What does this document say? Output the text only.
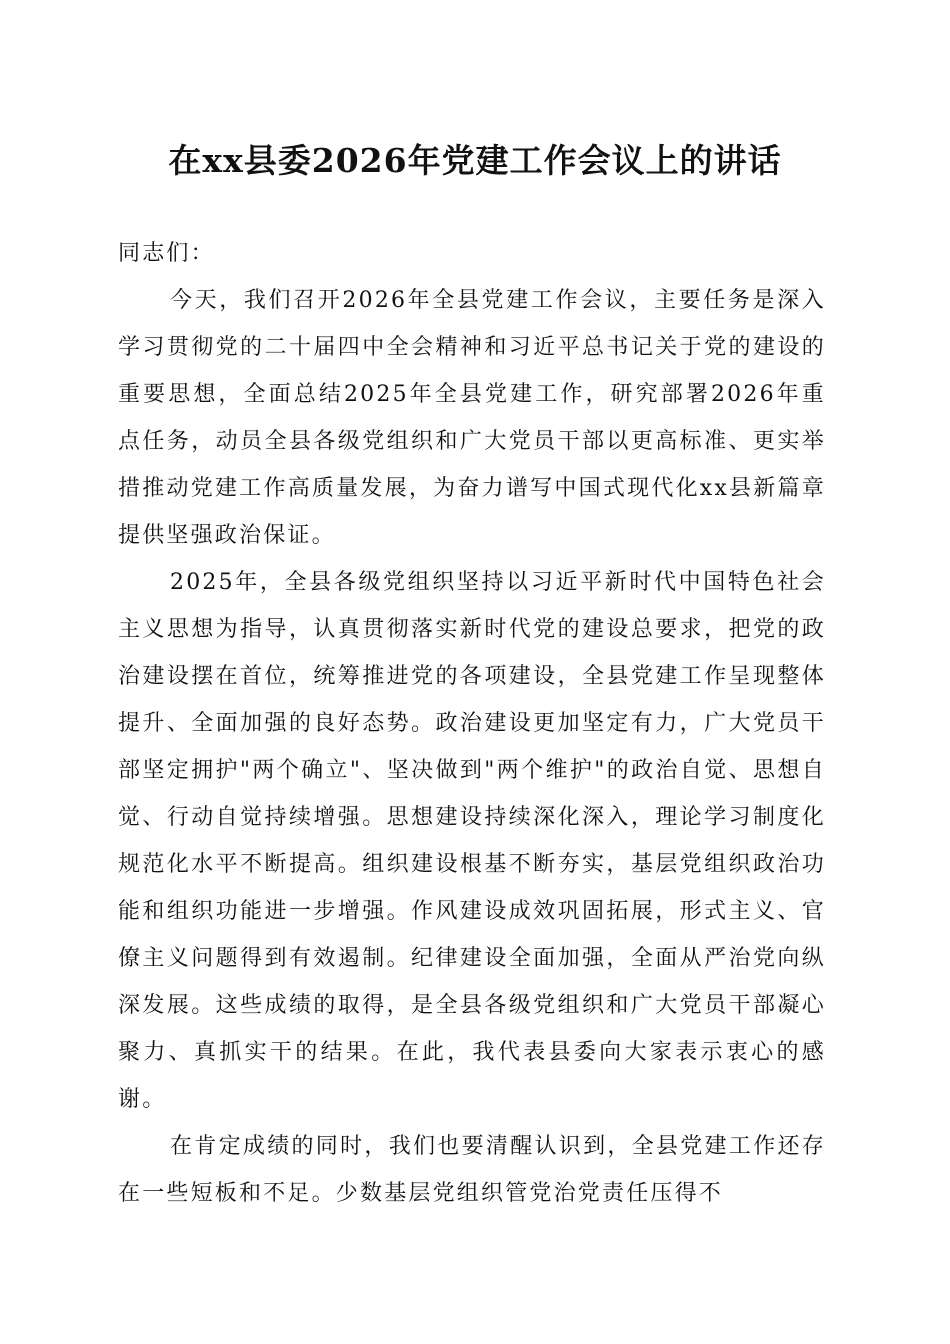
在xx县委2026年党建工作会议上的讲话

同志们：

今天，我们召开2026年全县党建工作会议，主要任务是深入学习贯彻党的二十届四中全会精神和习近平总书记关于党的建设的重要思想，全面总结2025年全县党建工作，研究部署2026年重点任务，动员全县各级党组织和广大党员干部以更高标准、更实举措推动党建工作高质量发展，为奋力谱写中国式现代化xx县新篇章提供坚强政治保证。

2025年，全县各级党组织坚持以习近平新时代中国特色社会主义思想为指导，认真贯彻落实新时代党的建设总要求，把党的政治建设摆在首位，统筹推进党的各项建设，全县党建工作呈现整体提升、全面加强的良好态势。政治建设更加坚定有力，广大党员干部坚定拥护"两个确立"、坚决做到"两个维护"的政治自觉、思想自觉、行动自觉持续增强。思想建设持续深化深入，理论学习制度化规范化水平不断提高。组织建设根基不断夯实，基层党组织政治功能和组织功能进一步增强。作风建设成效巩固拓展，形式主义、官僚主义问题得到有效遏制。纪律建设全面加强，全面从严治党向纵深发展。这些成绩的取得，是全县各级党组织和广大党员干部凝心聚力、真抓实干的结果。在此，我代表县委向大家表示衷心的感谢。

在肯定成绩的同时，我们也要清醒认识到，全县党建工作还存在一些短板和不足。少数基层党组织管党治党责任压得不
